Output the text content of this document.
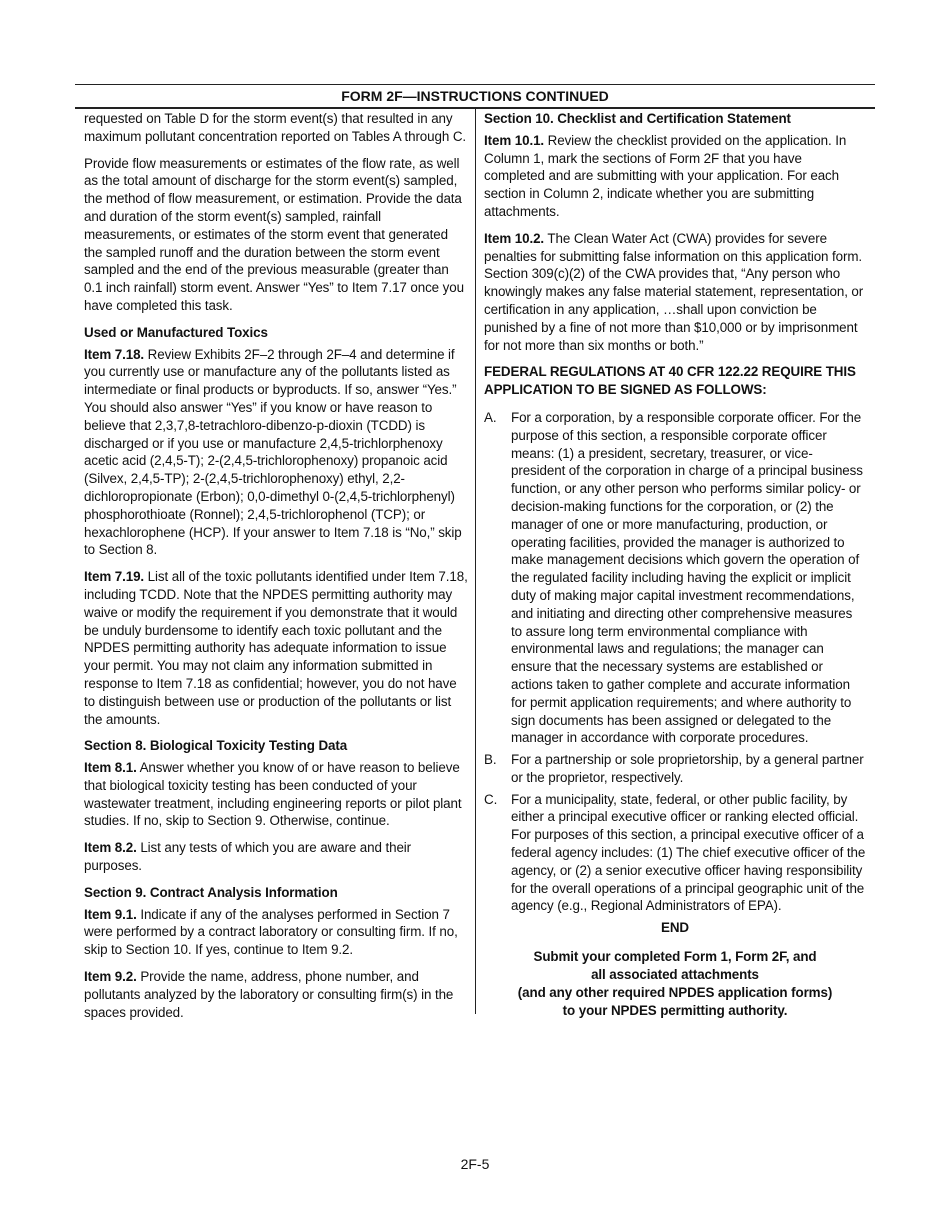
FORM 2F—INSTRUCTIONS CONTINUED

requested on Table D for the storm event(s) that resulted in any maximum pollutant concentration reported on Tables A through C.

Provide flow measurements or estimates of the flow rate, as well as the total amount of discharge for the storm event(s) sampled, the method of flow measurement, or estimation. Provide the data and duration of the storm event(s) sampled, rainfall measurements, or estimates of the storm event that generated the sampled runoff and the duration between the storm event sampled and the end of the previous measurable (greater than 0.1 inch rainfall) storm event. Answer “Yes” to Item 7.17 once you have completed this task.

Used or Manufactured Toxics

Item 7.18. Review Exhibits 2F–2 through 2F–4 and determine if you currently use or manufacture any of the pollutants listed as intermediate or final products or byproducts. If so, answer “Yes.” You should also answer “Yes” if you know or have reason to believe that 2,3,7,8-tetrachloro-dibenzo-p-dioxin (TCDD) is discharged or if you use or manufacture 2,4,5-trichlorphenoxy acetic acid (2,4,5-T); 2-(2,4,5-trichlorophenoxy) propanoic acid (Silvex, 2,4,5-TP); 2-(2,4,5-trichlorophenoxy) ethyl, 2,2-dichloropropionate (Erbon); 0,0-dimethyl 0-(2,4,5-trichlorphenyl) phosphorothioate (Ronnel); 2,4,5-trichlorophenol (TCP); or hexachlorophene (HCP). If your answer to Item 7.18 is “No,” skip to Section 8.

Item 7.19. List all of the toxic pollutants identified under Item 7.18, including TCDD. Note that the NPDES permitting authority may waive or modify the requirement if you demonstrate that it would be unduly burdensome to identify each toxic pollutant and the NPDES permitting authority has adequate information to issue your permit. You may not claim any information submitted in response to Item 7.18 as confidential; however, you do not have to distinguish between use or production of the pollutants or list the amounts.

Section 8. Biological Toxicity Testing Data

Item 8.1. Answer whether you know of or have reason to believe that biological toxicity testing has been conducted of your wastewater treatment, including engineering reports or pilot plant studies. If no, skip to Section 9. Otherwise, continue.

Item 8.2. List any tests of which you are aware and their purposes.

Section 9. Contract Analysis Information

Item 9.1. Indicate if any of the analyses performed in Section 7 were performed by a contract laboratory or consulting firm. If no, skip to Section 10. If yes, continue to Item 9.2.

Item 9.2. Provide the name, address, phone number, and pollutants analyzed by the laboratory or consulting firm(s) in the spaces provided.

Section 10. Checklist and Certification Statement

Item 10.1. Review the checklist provided on the application. In Column 1, mark the sections of Form 2F that you have completed and are submitting with your application. For each section in Column 2, indicate whether you are submitting attachments.

Item 10.2. The Clean Water Act (CWA) provides for severe penalties for submitting false information on this application form. Section 309(c)(2) of the CWA provides that, “Any person who knowingly makes any false material statement, representation, or certification in any application, …shall upon conviction be punished by a fine of not more than $10,000 or by imprisonment for not more than six months or both.”

FEDERAL REGULATIONS AT 40 CFR 122.22 REQUIRE THIS APPLICATION TO BE SIGNED AS FOLLOWS:
A.	For a corporation, by a responsible corporate officer. For the purpose of this section, a responsible corporate officer means: (1) a president, secretary, treasurer, or vice-president of the corporation in charge of a principal business function, or any other person who performs similar policy- or decision-making functions for the corporation, or (2) the manager of one or more manufacturing, production, or operating facilities, provided the manager is authorized to make management decisions which govern the operation of the regulated facility including having the explicit or implicit duty of making major capital investment recommendations, and initiating and directing other comprehensive measures to assure long term environmental compliance with environmental laws and regulations; the manager can ensure that the necessary systems are established or actions taken to gather complete and accurate information for permit application requirements; and where authority to sign documents has been assigned or delegated to the manager in accordance with corporate procedures.
B.	For a partnership or sole proprietorship, by a general partner or the proprietor, respectively.
C.	For a municipality, state, federal, or other public facility, by either a principal executive officer or ranking elected official. For purposes of this section, a principal executive officer of a federal agency includes: (1) The chief executive officer of the agency, or (2) a senior executive officer having responsibility for the overall operations of a principal geographic unit of the agency (e.g., Regional Administrators of EPA).
END
Submit your completed Form 1, Form 2F, and
all associated attachments
(and any other required NPDES application forms)
to your NPDES permitting authority.
2F-5
